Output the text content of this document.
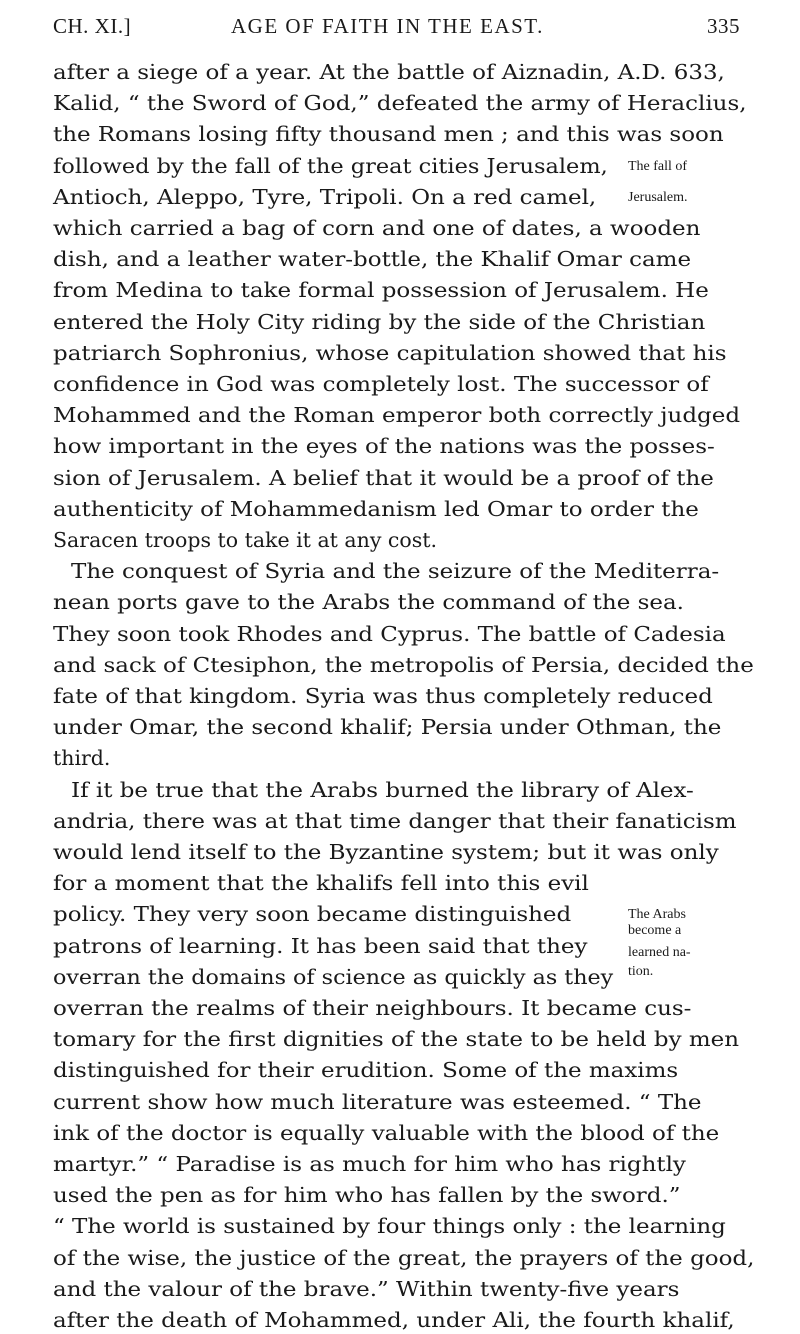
CH. XI.]	AGE OF FAITH IN THE EAST.	335
after a siege of a year. At the battle of Aiznadin, A.D. 633,
Kalid, “ the Sword of God,” defeated the army of Heraclius,
the Romans losing fifty thousand men ; and this was soon
followed by the fall of the great cities Jerusalem,
Antioch, Aleppo, Tyre, Tripoli. On a red camel,
which carried a bag of corn and one of dates, a wooden
dish, and a leather water-bottle, the Khalif Omar came
from Medina to take formal possession of Jerusalem. He
entered the Holy City riding by the side of the Christian
patriarch Sophronius, whose capitulation showed that his
confidence in God was completely lost. The successor of
Mohammed and the Roman emperor both correctly judged
how important in the eyes of the nations was the posses-
sion of Jerusalem. A belief that it would be a proof of the
authenticity of Mohammedanism led Omar to order the
Saracen troops to take it at any cost.
The conquest of Syria and the seizure of the Mediterra-
nean ports gave to the Arabs the command of the sea.
They soon took Rhodes and Cyprus. The battle of Cadesia
and sack of Ctesiphon, the metropolis of Persia, decided the
fate of that kingdom. Syria was thus completely reduced
under Omar, the second khalif; Persia under Othman, the
third.
If it be true that the Arabs burned the library of Alex-
andria, there was at that time danger that their fanaticism
would lend itself to the Byzantine system; but it was only
for a moment that the khalifs fell into this evil
policy. They very soon became distinguished
patrons of learning. It has been said that they
overran the domains of science as quickly as they
overran the realms of their neighbours. It became cus-
tomary for the first dignities of the state to be held by men
distinguished for their erudition. Some of the maxims
current show how much literature was esteemed. “ The
ink of the doctor is equally valuable with the blood of the
martyr.” “ Paradise is as much for him who has rightly
used the pen as for him who has fallen by the sword.”
“ The world is sustained by four things only : the learning
of the wise, the justice of the great, the prayers of the good,
and the valour of the brave.” Within twenty-five years
after the death of Mohammed, under Ali, the fourth khalif,
The fall of
Jerusalem.
The Arabs
become a
learned na-
tion.
